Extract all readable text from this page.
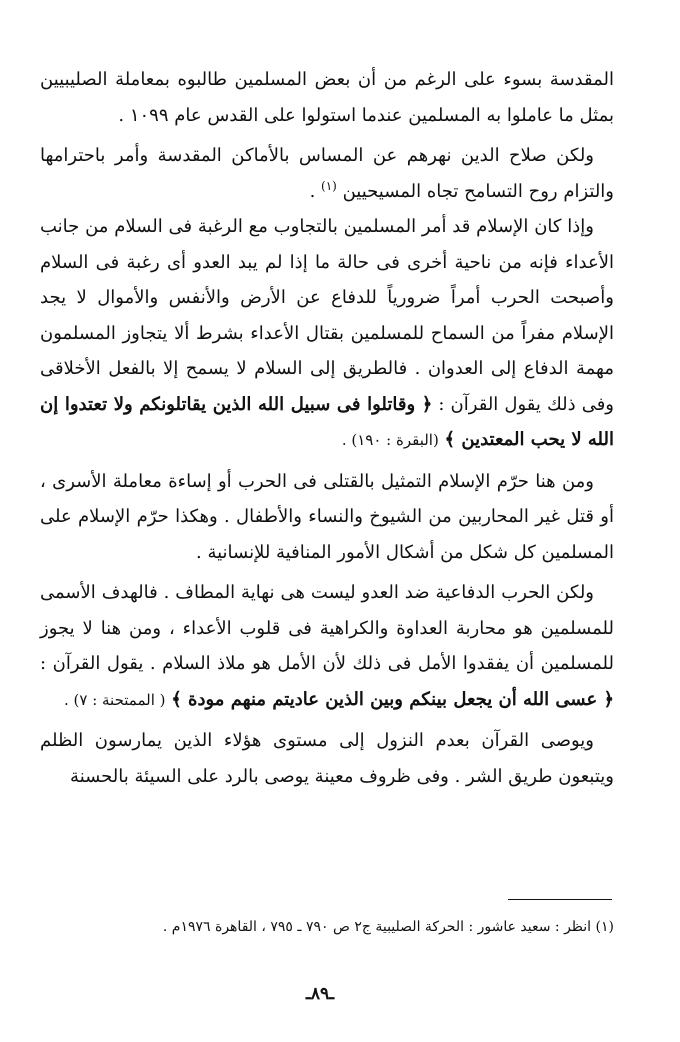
المقدسة بسوء على الرغم من أن بعض المسلمين طالبوه بمعاملة الصليبيين بمثل ما عاملوا به المسلمين عندما استولوا على القدس عام ١٠٩٩ .

ولكن صلاح الدين نهرهم عن المساس بالأماكن المقدسة وأمر باحترامها والتزام روح التسامح تجاه المسيحيين $^{(١)}$ .

وإذا كان الإسلام قد أمر المسلمين بالتجاوب مع الرغبة فى السلام من جانب الأعداء فإنه من ناحية أخرى فى حالة ما إذا لم يبد العدو أى رغبة فى السلام وأصبحت الحرب أمراً ضرورياً للدفاع عن الأرض والأنفس والأموال لا يجد الإسلام مفراً من السماح للمسلمين بقتال الأعداء بشرط ألا يتجاوز المسلمون مهمة الدفاع إلى العدوان . فالطريق إلى السلام لا يسمح إلا بالفعل الأخلاقى وفى ذلك يقول القرآن : ﴿ وقاتلوا فى سبيل الله الذين يقاتلونكم ولا تعتدوا إن الله لا يحب المعتدين ﴾ (البقرة : ١٩٠) .

ومن هنا حرّم الإسلام التمثيل بالقتلى فى الحرب أو إساءة معاملة الأسرى ، أو قتل غير المحاربين من الشيوخ والنساء والأطفال . وهكذا حرّم الإسلام على المسلمين كل شكل من أشكال الأمور المنافية للإنسانية .

ولكن الحرب الدفاعية ضد العدو ليست هى نهاية المطاف . فالهدف الأسمى للمسلمين هو محاربة العداوة والكراهية فى قلوب الأعداء ، ومن هنا لا يجوز للمسلمين أن يفقدوا الأمل فى ذلك لأن الأمل هو ملاذ السلام . يقول القرآن : ﴿ عسى الله أن يجعل بينكم وبين الذين عاديتم منهم مودة ﴾ ( الممتحنة : ٧) .

ويوصى القرآن بعدم النزول إلى مستوى هؤلاء الذين يمارسون الظلم ويتبعون طريق الشر . وفى ظروف معينة يوصى بالرد على السيئة بالحسنة

(١) انظر : سعيد عاشور : الحركة الصليبية ج٢ ص ٧٩٠ ـ ٧٩٥ ، القاهرة ١٩٧٦م .
ـ٨٩ـ
